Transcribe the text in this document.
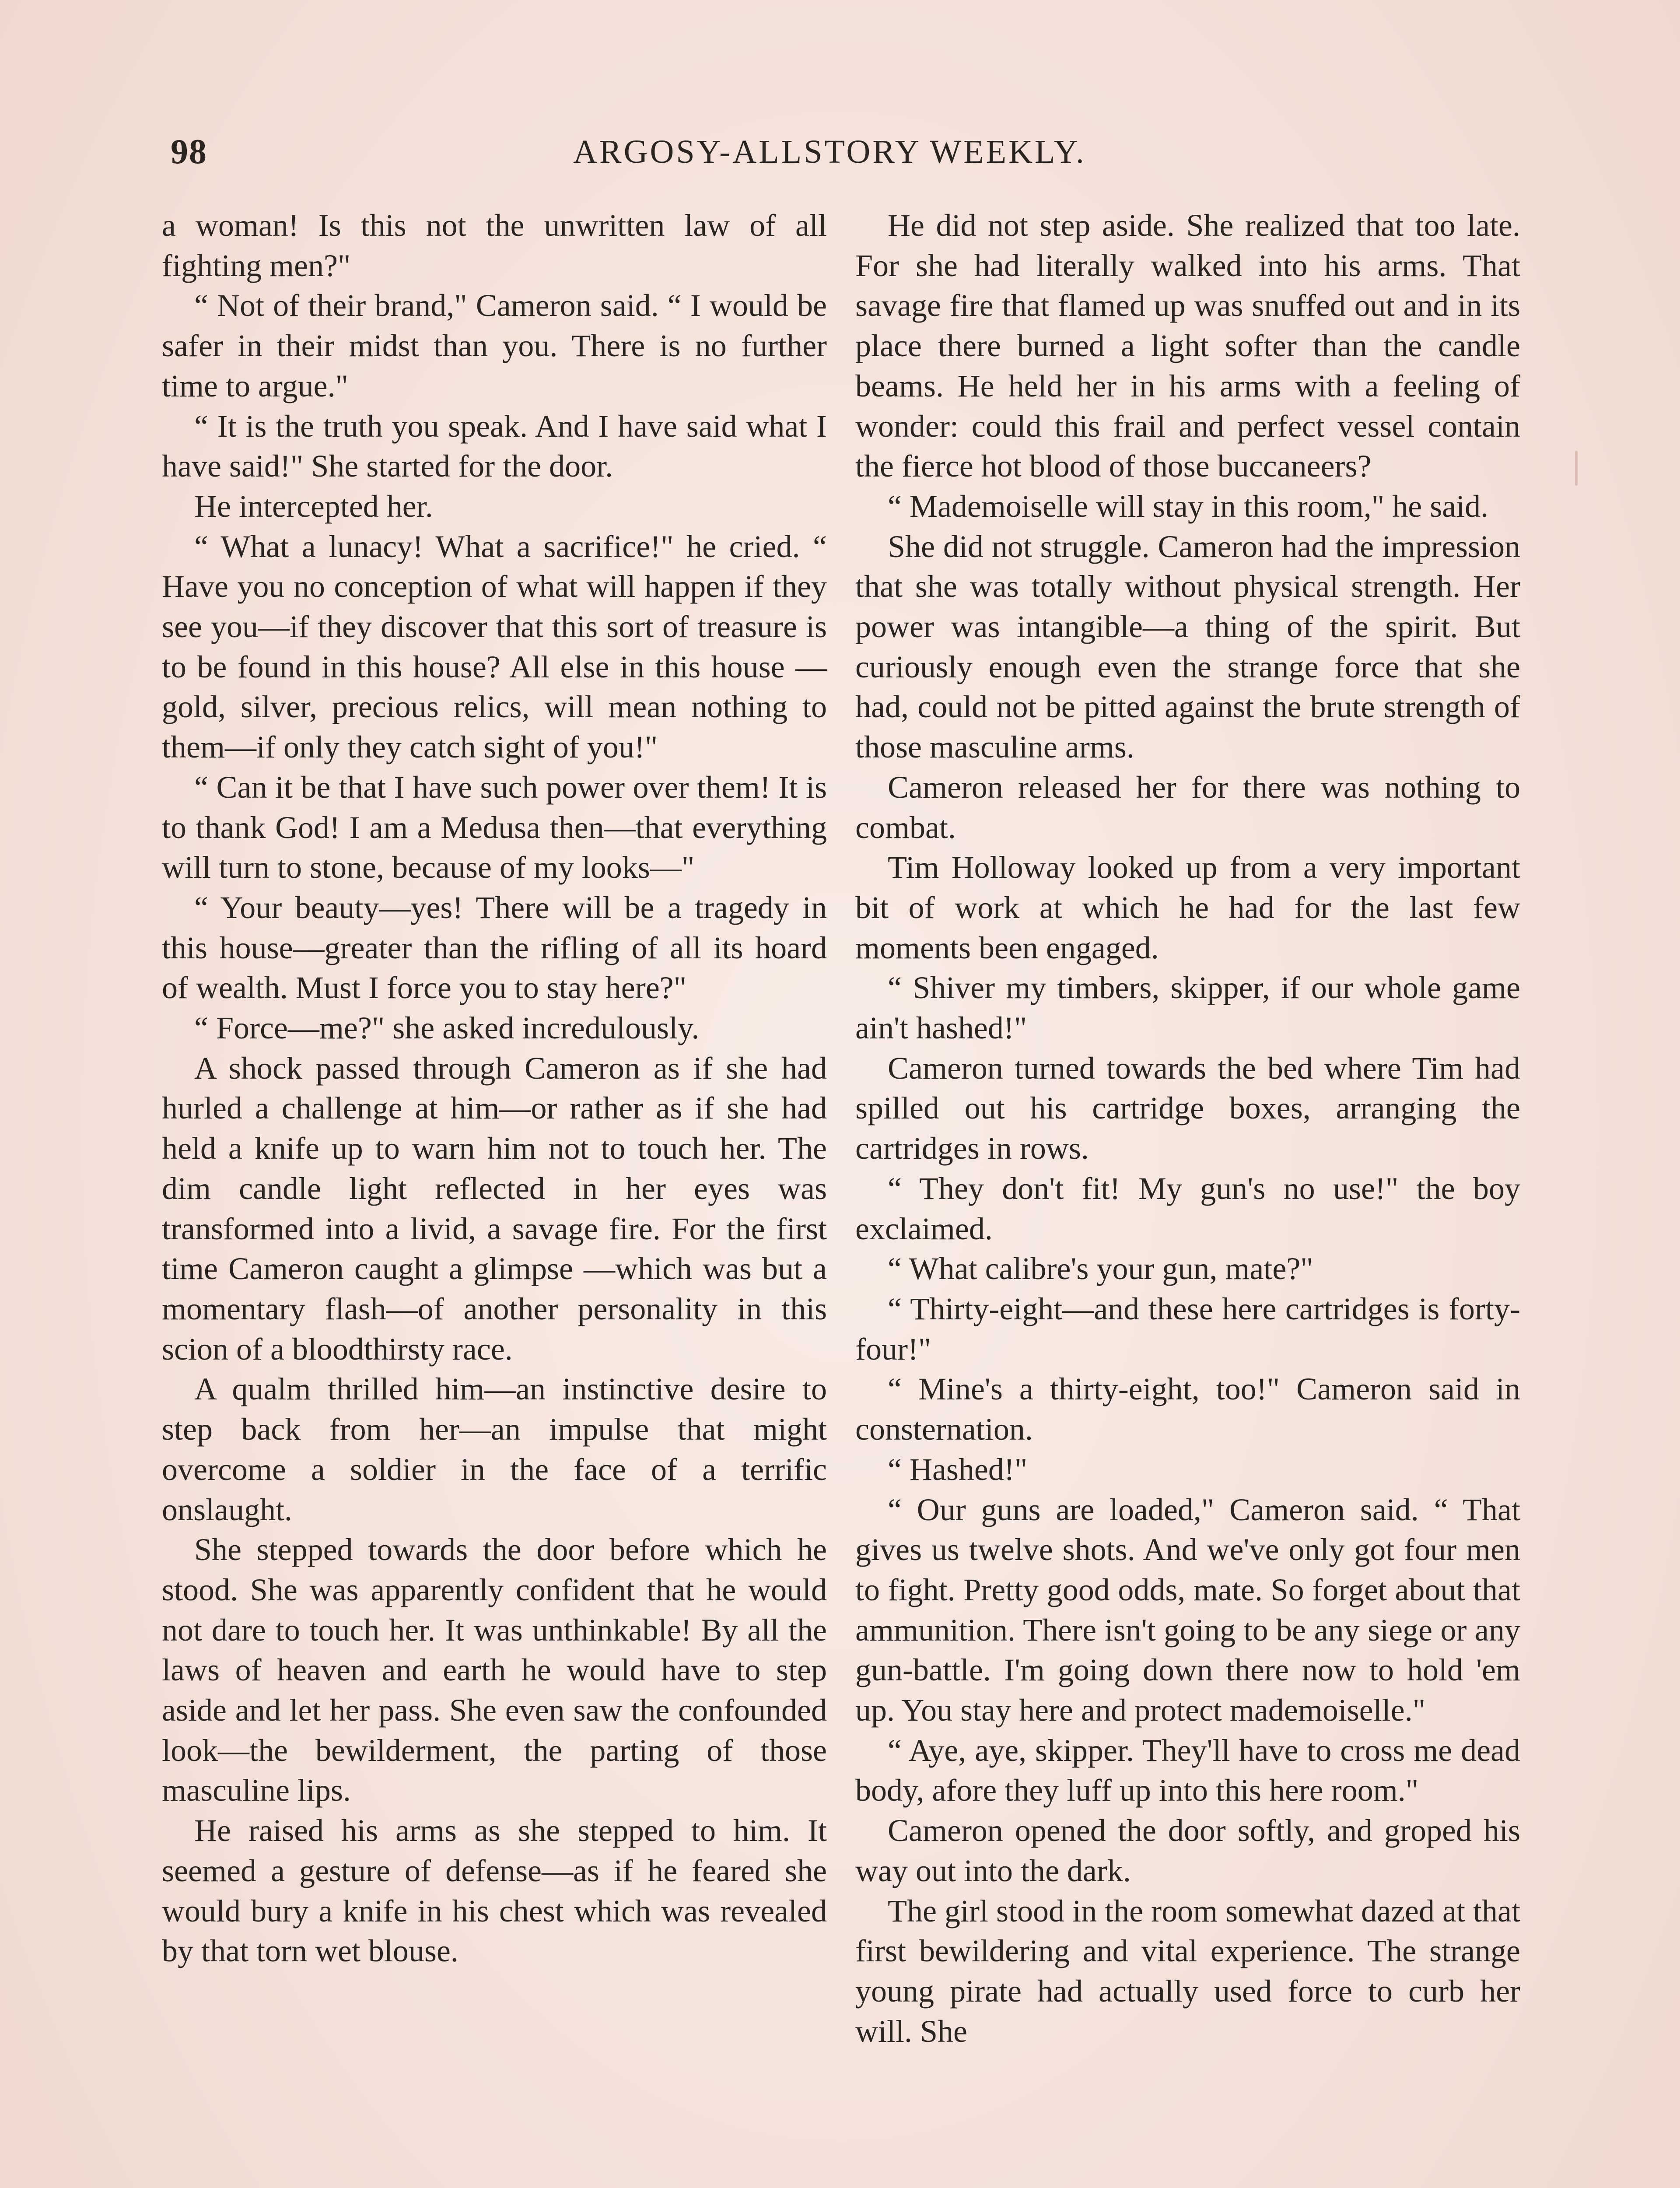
98	ARGOSY-ALLSTORY WEEKLY.

a woman! Is this not the unwritten law of all fighting men?"

“ Not of their brand," Cameron said. “ I would be safer in their midst than you. There is no further time to argue."

“ It is the truth you speak. And I have said what I have said!" She started for the door.

He intercepted her.

“ What a lunacy! What a sacrifice!" he cried. “ Have you no conception of what will happen if they see you—if they discover that this sort of treasure is to be found in this house? All else in this house —gold, silver, precious relics, will mean nothing to them—if only they catch sight of you!"

“ Can it be that I have such power over them! It is to thank God! I am a Medusa then—that everything will turn to stone, because of my looks—"

“ Your beauty—yes! There will be a tragedy in this house—greater than the rifling of all its hoard of wealth. Must I force you to stay here?"

“ Force—me?" she asked incredulously.

A shock passed through Cameron as if she had hurled a challenge at him—or rather as if she had held a knife up to warn him not to touch her. The dim candle light reflected in her eyes was transformed into a livid, a savage fire. For the first time Cameron caught a glimpse —which was but a momentary flash—of another personality in this scion of a bloodthirsty race.

A qualm thrilled him—an instinctive desire to step back from her—an impulse that might overcome a soldier in the face of a terrific onslaught.

She stepped towards the door before which he stood. She was apparently confident that he would not dare to touch her. It was unthinkable! By all the laws of heaven and earth he would have to step aside and let her pass. She even saw the confounded look—the bewilderment, the parting of those masculine lips.

He raised his arms as she stepped to him. It seemed a gesture of defense—as if he feared she would bury a knife in his chest which was revealed by that torn wet blouse.

He did not step aside. She realized that too late. For she had literally walked into his arms. That savage fire that flamed up was snuffed out and in its place there burned a light softer than the candle beams. He held her in his arms with a feeling of wonder: could this frail and perfect vessel contain the fierce hot blood of those buccaneers?

“ Mademoiselle will stay in this room," he said.

She did not struggle. Cameron had the impression that she was totally without physical strength. Her power was intangible—a thing of the spirit. But curiously enough even the strange force that she had, could not be pitted against the brute strength of those masculine arms.

Cameron released her for there was nothing to combat.

Tim Holloway looked up from a very important bit of work at which he had for the last few moments been engaged.

“ Shiver my timbers, skipper, if our whole game ain't hashed!"

Cameron turned towards the bed where Tim had spilled out his cartridge boxes, arranging the cartridges in rows.

“ They don't fit! My gun's no use!" the boy exclaimed.

“ What calibre's your gun, mate?"

“ Thirty-eight—and these here cartridges is forty-four!"

“ Mine's a thirty-eight, too!" Cameron said in consternation.

“ Hashed!"

“ Our guns are loaded," Cameron said. “ That gives us twelve shots. And we've only got four men to fight. Pretty good odds, mate. So forget about that ammunition. There isn't going to be any siege or any gun-battle. I'm going down there now to hold 'em up. You stay here and protect mademoiselle."

“ Aye, aye, skipper. They'll have to cross me dead body, afore they luff up into this here room."

Cameron opened the door softly, and groped his way out into the dark.

The girl stood in the room somewhat dazed at that first bewildering and vital experience. The strange young pirate had actually used force to curb her will. She
